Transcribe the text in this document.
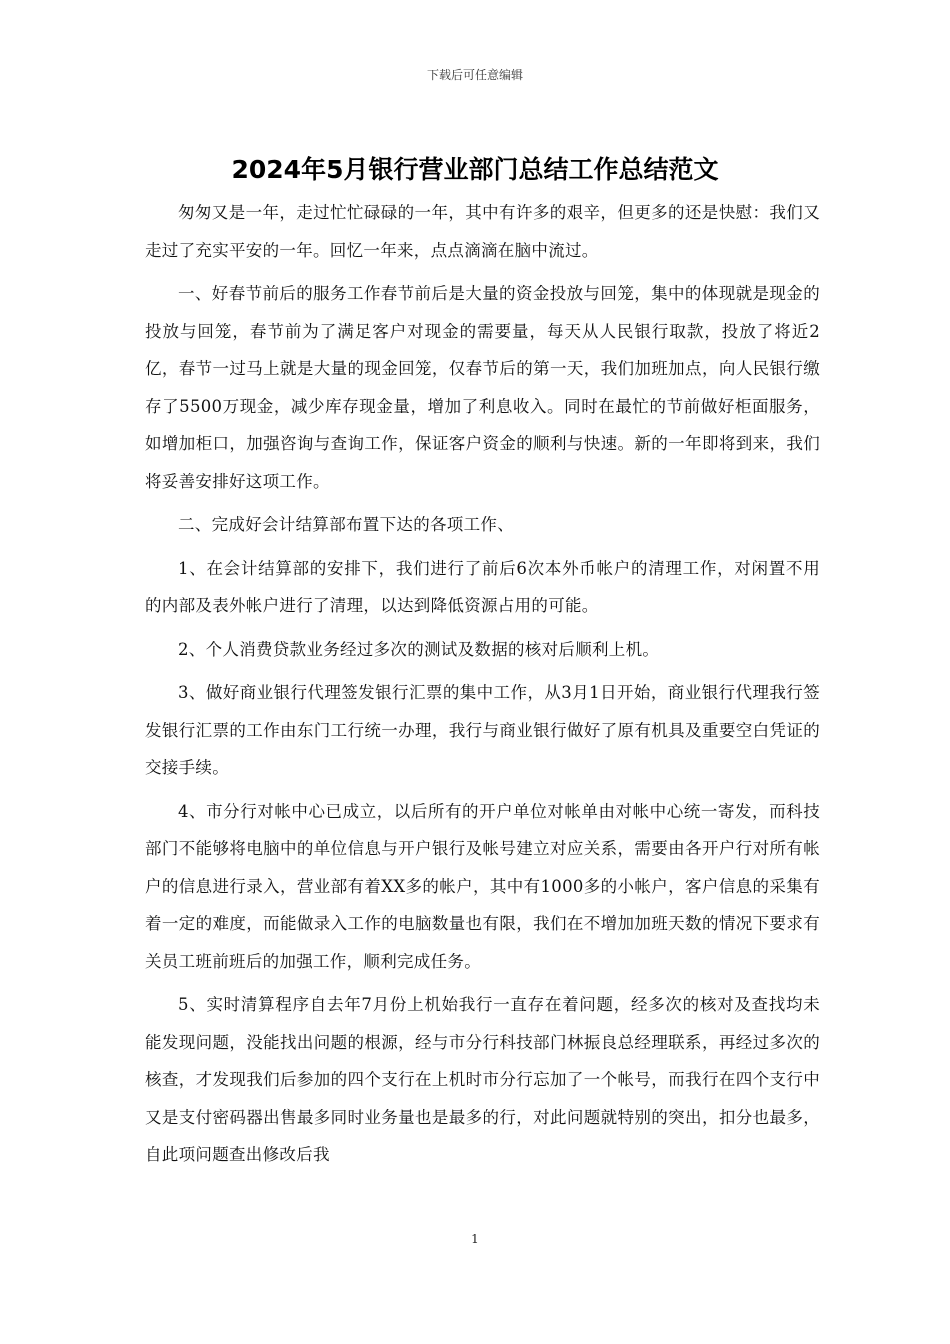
下载后可任意编辑
2024年5月银行营业部门总结工作总结范文

匆匆又是一年，走过忙忙碌碌的一年，其中有许多的艰辛，但更多的还是快慰：我们又走过了充实平安的一年。回忆一年来，点点滴滴在脑中流过。

一、好春节前后的服务工作春节前后是大量的资金投放与回笼，集中的体现就是现金的投放与回笼，春节前为了满足客户对现金的需要量，每天从人民银行取款，投放了将近2亿，春节一过马上就是大量的现金回笼，仅春节后的第一天，我们加班加点，向人民银行缴存了5500万现金，减少库存现金量，增加了利息收入。同时在最忙的节前做好柜面服务，如增加柜口，加强咨询与查询工作，保证客户资金的顺利与快速。新的一年即将到来，我们将妥善安排好这项工作。

二、完成好会计结算部布置下达的各项工作、

1、在会计结算部的安排下，我们进行了前后6次本外币帐户的清理工作，对闲置不用的内部及表外帐户进行了清理，以达到降低资源占用的可能。

2、个人消费贷款业务经过多次的测试及数据的核对后顺利上机。

3、做好商业银行代理签发银行汇票的集中工作，从3月1日开始，商业银行代理我行签发银行汇票的工作由东门工行统一办理，我行与商业银行做好了原有机具及重要空白凭证的交接手续。

4、市分行对帐中心已成立，以后所有的开户单位对帐单由对帐中心统一寄发，而科技部门不能够将电脑中的单位信息与开户银行及帐号建立对应关系，需要由各开户行对所有帐户的信息进行录入，营业部有着XX多的帐户，其中有1000多的小帐户，客户信息的采集有着一定的难度，而能做录入工作的电脑数量也有限，我们在不增加加班天数的情况下要求有关员工班前班后的加强工作，顺利完成任务。

5、实时清算程序自去年7月份上机始我行一直存在着问题，经多次的核对及查找均未能发现问题，没能找出问题的根源，经与市分行科技部门林振良总经理联系，再经过多次的核查，才发现我们后参加的四个支行在上机时市分行忘加了一个帐号，而我行在四个支行中又是支付密码器出售最多同时业务量也是最多的行，对此问题就特别的突出，扣分也最多，自此项问题查出修改后我

1
